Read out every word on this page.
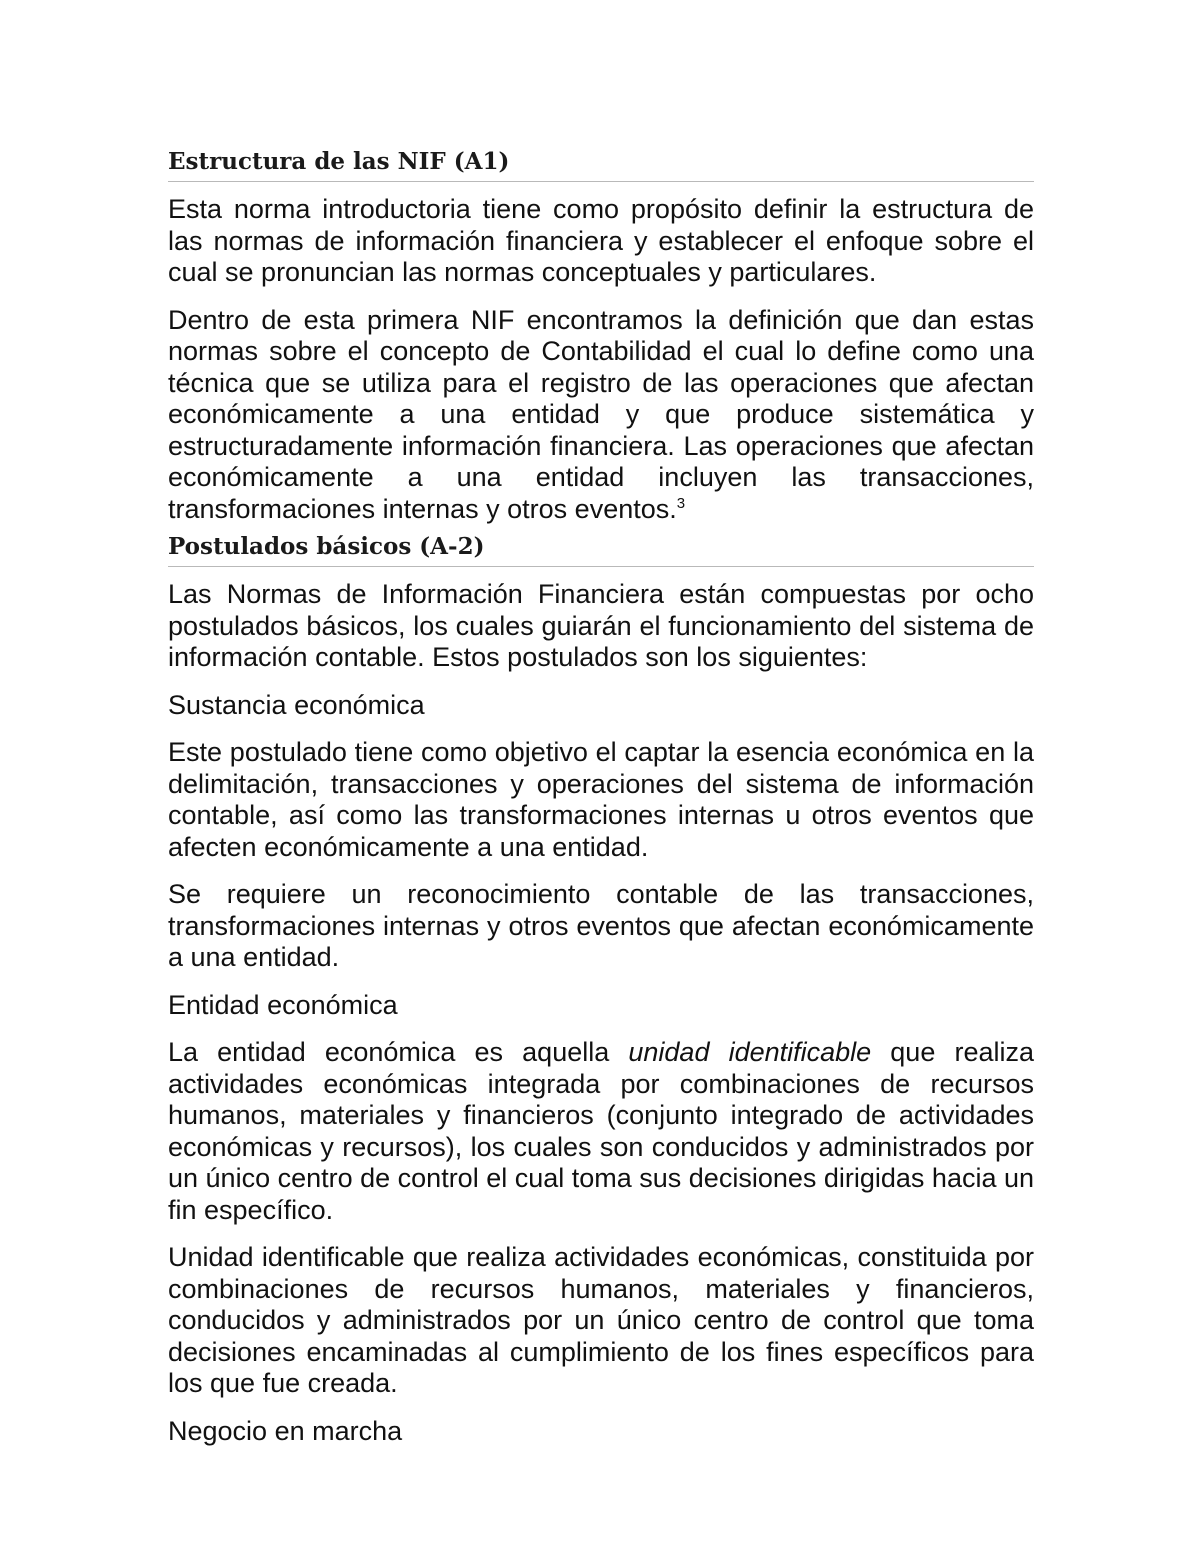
Estructura de las NIF (A1)

Esta norma introductoria tiene como propósito definir la estructura de las normas de información financiera y establecer el enfoque sobre el cual se pronuncian las normas conceptuales y particulares.

Dentro de esta primera NIF encontramos la definición que dan estas normas sobre el concepto de Contabilidad el cual lo define como una técnica que se utiliza para el registro de las operaciones que afectan económicamente a una entidad y que produce sistemática y estructuradamente información financiera. Las operaciones que afectan económicamente a una entidad incluyen las transacciones, transformaciones internas y otros eventos.$^3$

Postulados básicos (A-2)

Las Normas de Información Financiera están compuestas por ocho postulados básicos, los cuales guiarán el funcionamiento del sistema de información contable. Estos postulados son los siguientes:

Sustancia económica

Este postulado tiene como objetivo el captar la esencia económica en la delimitación, transacciones y operaciones del sistema de información contable, así como las transformaciones internas u otros eventos que afecten económicamente a una entidad.

Se requiere un reconocimiento contable de las transacciones, transformaciones internas y otros eventos que afectan económicamente a una entidad.

Entidad económica

La entidad económica es aquella unidad identificable que realiza actividades económicas integrada por combinaciones de recursos humanos, materiales y financieros (conjunto integrado de actividades económicas y recursos), los cuales son conducidos y administrados por un único centro de control el cual toma sus decisiones dirigidas hacia un fin específico.

Unidad identificable que realiza actividades económicas, constituida por combinaciones de recursos humanos, materiales y financieros, conducidos y administrados por un único centro de control que toma decisiones encaminadas al cumplimiento de los fines específicos para los que fue creada.

Negocio en marcha
